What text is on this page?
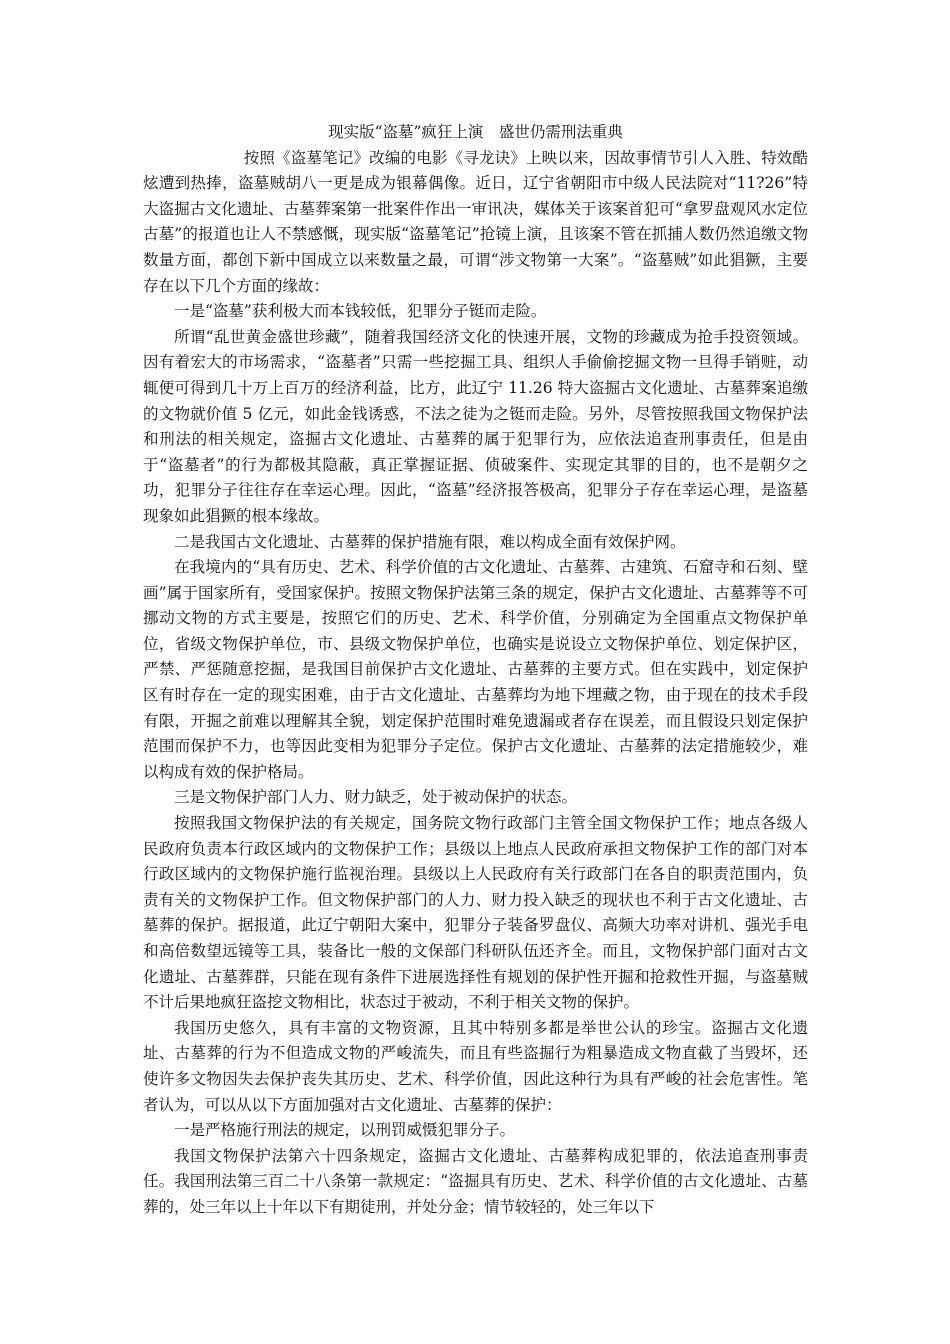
现实版“盗墓”疯狂上演　盛世仍需刑法重典

按照《盗墓笔记》改编的电影《寻龙诀》上映以来，因故事情节引人入胜、特效酷炫遭到热捧，盗墓贼胡八一更是成为银幕偶像。近日，辽宁省朝阳市中级人民法院对“11?26”特大盗掘古文化遗址、古墓葬案第一批案件作出一审讯决，媒体关于该案首犯可“拿罗盘观风水定位古墓”的报道也让人不禁感慨，现实版“盗墓笔记”抢镜上演，且该案不管在抓捕人数仍然追缴文物数量方面，都创下新中国成立以来数量之最，可谓“涉文物第一大案”。“盗墓贼”如此猖獗，主要存在以下几个方面的缘故：

一是“盗墓”获利极大而本钱较低，犯罪分子铤而走险。

所谓“乱世黄金盛世珍藏”，随着我国经济文化的快速开展，文物的珍藏成为抢手投资领域。因有着宏大的市场需求，“盗墓者”只需一些挖掘工具、组织人手偷偷挖掘文物一旦得手销赃，动辄便可得到几十万上百万的经济利益，比方，此辽宁 11.26 特大盗掘古文化遗址、古墓葬案追缴的文物就价值 5 亿元，如此金钱诱惑，不法之徒为之铤而走险。另外，尽管按照我国文物保护法和刑法的相关规定，盗掘古文化遗址、古墓葬的属于犯罪行为，应依法追查刑事责任，但是由于“盗墓者”的行为都极其隐蔽，真正掌握证据、侦破案件、实现定其罪的目的，也不是朝夕之功，犯罪分子往往存在幸运心理。因此，“盗墓”经济报答极高，犯罪分子存在幸运心理，是盗墓现象如此猖獗的根本缘故。

二是我国古文化遗址、古墓葬的保护措施有限，难以构成全面有效保护网。

在我境内的“具有历史、艺术、科学价值的古文化遗址、古墓葬、古建筑、石窟寺和石刻、壁画”属于国家所有，受国家保护。按照文物保护法第三条的规定，保护古文化遗址、古墓葬等不可挪动文物的方式主要是，按照它们的历史、艺术、科学价值，分别确定为全国重点文物保护单位，省级文物保护单位，市、县级文物保护单位，也确实是说设立文物保护单位、划定保护区，严禁、严惩随意挖掘，是我国目前保护古文化遗址、古墓葬的主要方式。但在实践中，划定保护区有时存在一定的现实困难，由于古文化遗址、古墓葬均为地下埋藏之物，由于现在的技术手段有限，开掘之前难以理解其全貌，划定保护范围时难免遗漏或者存在误差，而且假设只划定保护范围而保护不力，也等因此变相为犯罪分子定位。保护古文化遗址、古墓葬的法定措施较少，难以构成有效的保护格局。

三是文物保护部门人力、财力缺乏，处于被动保护的状态。

按照我国文物保护法的有关规定，国务院文物行政部门主管全国文物保护工作；地点各级人民政府负责本行政区域内的文物保护工作；县级以上地点人民政府承担文物保护工作的部门对本行政区域内的文物保护施行监视治理。县级以上人民政府有关行政部门在各自的职责范围内，负责有关的文物保护工作。但文物保护部门的人力、财力投入缺乏的现状也不利于古文化遗址、古墓葬的保护。据报道，此辽宁朝阳大案中，犯罪分子装备罗盘仪、高频大功率对讲机、强光手电和高倍数望远镜等工具，装备比一般的文保部门科研队伍还齐全。而且，文物保护部门面对古文化遗址、古墓葬群，只能在现有条件下进展选择性有规划的保护性开掘和抢救性开掘，与盗墓贼不计后果地疯狂盗挖文物相比，状态过于被动，不利于相关文物的保护。

我国历史悠久，具有丰富的文物资源，且其中特别多都是举世公认的珍宝。盗掘古文化遗址、古墓葬的行为不但造成文物的严峻流失，而且有些盗掘行为粗暴造成文物直截了当毁坏，还使许多文物因失去保护丧失其历史、艺术、科学价值，因此这种行为具有严峻的社会危害性。笔者认为，可以从以下方面加强对古文化遗址、古墓葬的保护：

一是严格施行刑法的规定，以刑罚威慑犯罪分子。

我国文物保护法第六十四条规定，盗掘古文化遗址、古墓葬构成犯罪的，依法追查刑事责任。我国刑法第三百二十八条第一款规定：“盗掘具有历史、艺术、科学价值的古文化遗址、古墓葬的，处三年以上十年以下有期徒刑，并处分金；情节较轻的，处三年以下
